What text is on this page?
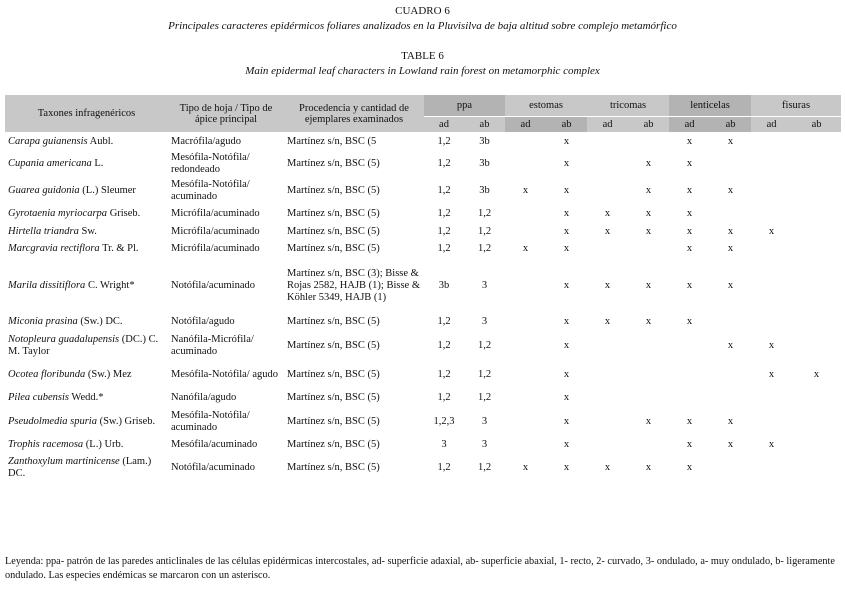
CUADRO 6
Principales caracteres epidérmicos foliares analizados en la Pluvisilva de baja altitud sobre complejo metamórfico
TABLE 6
Main epidermal leaf characters in Lowland rain forest on metamorphic complex
Taxones infragenéricos	Tipo de hoja / Tipo de ápice principal	Procedencia y cantidad de ejemplares examinados	ppa		estomas		tricomas		lenticelas		fisuras	
			ad	ab	ad	ab	ad	ab	ad	ab	ad	ab
Carapa guianensis Aubl.	Macrófila/agudo	Martínez s/n, BSC (5	1,2	3b		x			x	x		
Cupania americana L.	Mesófila-Notófila/ redondeado	Martínez s/n, BSC (5)	1,2	3b		x		x	x			
Guarea guidonia (L.) Sleumer	Mesófila-Notófila/ acuminado	Martínez s/n, BSC (5)	1,2	3b	x	x		x	x	x		
Gyrotaenia myriocarpa Griseb.	Micrófila/acuminado	Martínez s/n, BSC (5)	1,2	1,2		x	x	x	x			
Hirtella triandra Sw.	Micrófila/acuminado	Martínez s/n, BSC (5)	1,2	1,2		x	x	x	x	x	x	
Marcgravia rectiflora Tr. & Pl.	Micrófila/acuminado	Martínez s/n, BSC (5)	1,2	1,2	x	x			x	x		
Marila dissitiflora C. Wright*	Notófila/acuminado	Martínez s/n, BSC (3); Bisse & Rojas 2582, HAJB (1); Bisse & Köhler 5349, HAJB (1)	3b	3		x	x	x	x	x		
Miconia prasina (Sw.) DC.	Notófila/agudo	Martínez s/n, BSC (5)	1,2	3		x	x	x	x			
Notopleura guadalupensis (DC.) C. M. Taylor	Nanófila-Micrófila/ acuminado	Martínez s/n, BSC (5)	1,2	1,2		x				x	x	
Ocotea floribunda (Sw.) Mez	Mesófila-Notófila/ agudo	Martínez s/n, BSC (5)	1,2	1,2		x					x	x
Pilea cubensis Wedd.*	Nanófila/agudo	Martínez s/n, BSC (5)	1,2	1,2		x						
Pseudolmedia spuria (Sw.) Griseb.	Mesófila-Notófila/ acuminado	Martínez s/n, BSC (5)	1,2,3	3		x		x	x	x		
Trophis racemosa (L.) Urb.	Mesófila/acuminado	Martínez s/n, BSC (5)	3	3		x			x	x	x	
Zanthoxylum martinicense (Lam.) DC.	Notófila/acuminado	Martínez s/n, BSC (5)	1,2	1,2	x	x	x	x	x			
Leyenda: ppa- patrón de las paredes anticlinales de las células epidérmicas intercostales, ad- superficie adaxial, ab- superficie abaxial, 1- recto, 2- curvado, 3- ondulado, a- muy ondulado, b- ligeramente ondulado. Las especies endémicas se marcaron con un asterisco.
